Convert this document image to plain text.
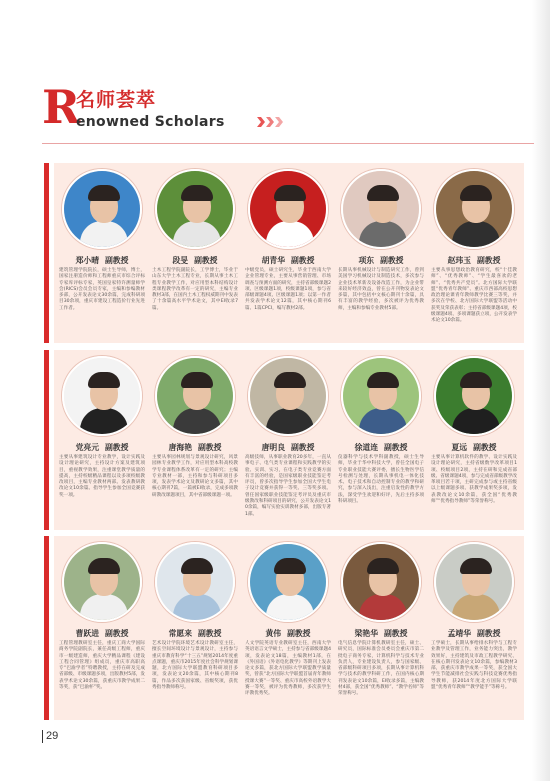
R
名师荟萃
enowned Scholars
郑小晴 副教授
建筑管理学院院长，硕士生导师，博士，国家注册造价师和工程师重庆市综合评标专家库评标专家，英国皇家特许测量师学会(RICS)会员会员专家，主编和参编教材多部，公开发表论文30余篇，完成科研项目30余项，重庆市建设工程造价行业先进工作者。
段旻 副教授
土木工程学院副院长，工学博士，毕业于山东大学土木工程专业，长期从事土木工程专业教学工作，对应用型本科结构设计类课程教学改革有一定的研究，主编专业教材3部，在国内土木工程权威期刊中发表了十余篇高水平学术论文，其中EI收录7篇。
胡青华 副教授
中级党员，硕士研究生，毕业于西南大学企业管理专业，主要从事营销管理、市场调查与预测方面的研究，主持省部级课题2项、区级课题1项，校级课题1项，参与省部级课题4项、区级课题1项；以第一作者共发表学术论文12篇，其中核心期刊6篇、1篇CPCI，编写教材2部。
项东 副教授
长期从事机械设计与制造研究工作，曾到美国学习机械设计及制造技术，多次参与企业技术革新及设备改造工作，为企业带来较好经济效益，曾在公开刊物发表论文多篇，其中包括中文核心期刊十余篇，具有丰富的教学经验，多次被评为优秀教师，主编和参编专业教材5部。
赵玮玉 副教授
主要从事思想政治教育研究，校“十佳教师”、“优秀教师”、“学生最喜欢的老师”、“优秀共产党员”。北方国际大学联盟“优秀青年教师”、重庆市西部高校思想政治理论课青年教师教学比赛三等奖，并多次在学校、北方国际大学联盟等活动中获奖及荣获表彰；主持省部级课题4项，校级课题4项、多项课题获立项，公开发表学术论文10余篇。
党亮元 副教授
主要从事建筑设计专业教学，设计实践及设计理论研究，主持设计方案及建筑项目，重视教学效果，注重课堂教学质量的提高，主持校级精品课程以及多项校级教改项目，主编专业教材两部。发表教研教改论文10余篇。指导学生参加全国竞赛获奖一项。
唐海艳 副教授
主要从事园林规划与景观设计研究，风景园林专业教学工作，对应用型本科高校教学专业课程体系改革有一定的研究；主编专业教材一部，主持和参与科研项目多项，发表学术论文及教研论文多篇，其中核心期刊7篇，一篇被EI收录，完成多项教研教改课题项目，其中省部级课题一项。
唐明良 副教授
高级技师，从事职业教育20多年，一直从事电子、电气类专业课程和实践教学的实验、实训、实习，在电子类专业竞赛方面有丰富的经验，是国家级职业技能鉴定考评员，曾多次指导学生参加全国大学生电子设计竞赛并获得一等奖、三等奖多项。曾任国家级职业技能鉴定考评员及重庆市级教改和科研项目的研究，公开发表论文10余篇，编写实验实训教材多部，出版专著1部。
徐道连 副教授
仪器科学与技术学科副教授，硕士生导师，毕业于华中科技大学，曾任全国电子专业职业技能大赛评委，擅长生物医学信号检测与处理，长期从事机电一体化技术、电子技术和自动控制专业的教学和研究，参与深入浅出，注重启发性的教学方法，深受学生欢迎和好评，先后主持多项科研项目。
夏远 副教授
主要从事计算机软件的教学、设计实践及设计理论研究，主持省级数学改革项目1项、校级项目2项，主持在研和完成省部级、省级课题4项，参与完成省部级教学改革项目若干项，主研完成参与或主持省级以上级课题多项、获教学成果奖多项，发表教改论文10余篇，获全国“优秀教师”“优秀指导教师”等荣誉称号。
曹跃进 副教授
工程管理教研室主任，重庆工商大学国际商务学院副院长，兼任高级工程师，重庆市一级建造师，重庆大学精品课程《建设工程合同管理》组成员，重庆市高职高专“巴渝学者”特聘教授，主持在研及完成省部级、市级课题多项，出版教材5部，发表学术论文30余篇，获重庆市教学成果二等奖，获“巴渝杯”奖。
常愿来 副教授
艺术设计学院环境艺术设计教研室主任，擅长空间环境设计与景观设计，主持参与重庆市教育科学“十三五”规划2014年度重点课题，重庆市2015年度社会科学规划课题，北方国际大学联盟教育科研项目多项，发表论文20余篇，其中核心期刊8篇，作品多次获国家级、省级奖项，获优秀指导教师称号。
黄伟 副教授
人文学院英语专业教研室主任，西南大学英语语言文学硕士，主持参与省部级课题4项，发表论文18篇，主编教材1部，在《外国语》《外语电化教学》等期刊上发表论文多篇，获北方国际大学联盟教学质量奖，曾获“北方国际大学联盟首届青年教师授课大赛”一等奖、重庆市高校外语教学大赛一等奖，被评为优秀教师，多次获学生评教优秀奖。
梁艳华 副教授
电气信息学院计算机教研室主任，硕士、研究员，国际标准会员委员会重庆市第二批电子商务专家，计算机科学与技术专业负责人，专业建设负责人，参与国家级、省部级科研项目多项，长期从事计算机科学与技术的教学科研工作，在国内核心期刊发表论文10余篇，EI收录多篇，主编教材4部，获全国“优秀教师”、“教学名师”等荣誉称号。
孟靖华 副教授
工学硕士，长期从事给排水科学与工程专业教学及管理工作，业务能力突出，教学效果好，主持建筑及市政工程教学研究、在核心期刊发表论文10余篇，参编教材3部，获重庆市教学成果一等奖，获全国大学生节能减排社会实践与科技竞赛优秀指导教师，获2014年度北方国际大学联盟“优秀青年教师”“教学能手”等称号。
29
